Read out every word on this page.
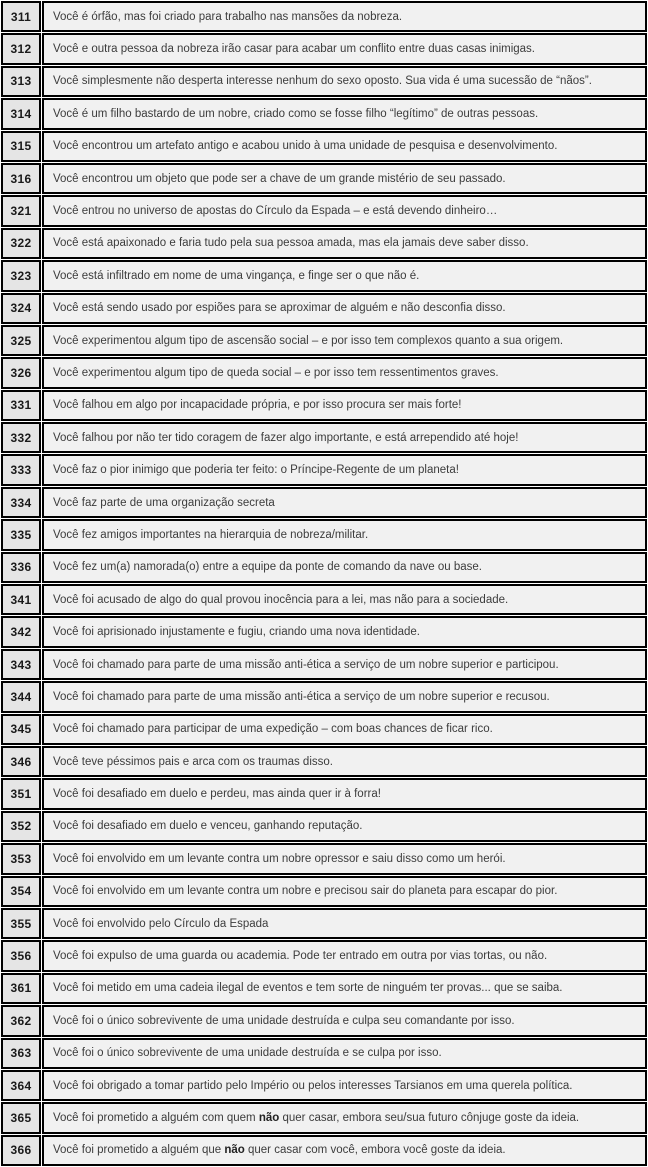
311	Você é órfão, mas foi criado para trabalho nas mansões da nobreza.
312	Você e outra pessoa da nobreza irão casar para acabar um conflito entre duas casas inimigas.
313	Você simplesmente não desperta interesse nenhum do sexo oposto. Sua vida é uma sucessão de “nãos”.
314	Você é um filho bastardo de um nobre, criado como se fosse filho “legítimo” de outras pessoas.
315	Você encontrou um artefato antigo e acabou unido à uma unidade de pesquisa e desenvolvimento.
316	Você encontrou um objeto que pode ser a chave de um grande mistério de seu passado.
321	Você entrou no universo de apostas do Círculo da Espada – e está devendo dinheiro…
322	Você está apaixonado e faria tudo pela sua pessoa amada, mas ela jamais deve saber disso.
323	Você está infiltrado em nome de uma vingança, e finge ser o que não é.
324	Você está sendo usado por espiões para se aproximar de alguém e não desconfia disso.
325	Você experimentou algum tipo de ascensão social – e por isso tem complexos quanto a sua origem.
326	Você experimentou algum tipo de queda social – e por isso tem ressentimentos graves.
331	Você falhou em algo por incapacidade própria, e por isso procura ser mais forte!
332	Você falhou por não ter tido coragem de fazer algo importante, e está arrependido até hoje!
333	Você faz o pior inimigo que poderia ter feito: o Príncipe-Regente de um planeta!
334	Você faz parte de uma organização secreta
335	Você fez amigos importantes na hierarquia de nobreza/militar.
336	Você fez um(a) namorada(o) entre a equipe da ponte de comando da nave ou base.
341	Você foi acusado de algo do qual provou inocência para a lei, mas não para a sociedade.
342	Você foi aprisionado injustamente e fugiu, criando uma nova identidade.
343	Você foi chamado para parte de uma missão anti-ética a serviço de um nobre superior e participou.
344	Você foi chamado para parte de uma missão anti-ética a serviço de um nobre superior e recusou.
345	Você foi chamado para participar de uma expedição – com boas chances de ficar rico.
346	Você teve péssimos pais e arca com os traumas disso.
351	Você foi desafiado em duelo e perdeu, mas ainda quer ir à forra!
352	Você foi desafiado em duelo e venceu, ganhando reputação.
353	Você foi envolvido em um levante contra um nobre opressor e saiu disso como um herói.
354	Você foi envolvido em um levante contra um nobre e precisou sair do planeta para escapar do pior.
355	Você foi envolvido pelo Círculo da Espada
356	Você foi expulso de uma guarda ou academia. Pode ter entrado em outra por vias tortas, ou não.
361	Você foi metido em uma cadeia ilegal de eventos e tem sorte de ninguém ter provas... que se saiba.
362	Você foi o único sobrevivente de uma unidade destruída e culpa seu comandante por isso.
363	Você foi o único sobrevivente de uma unidade destruída e se culpa por isso.
364	Você foi obrigado a tomar partido pelo Império ou pelos interesses Tarsianos em uma querela política.
365	Você foi prometido a alguém com quem não quer casar, embora seu/sua futuro cônjuge goste da ideia.
366	Você foi prometido a alguém que não quer casar com você, embora você goste da ideia.
